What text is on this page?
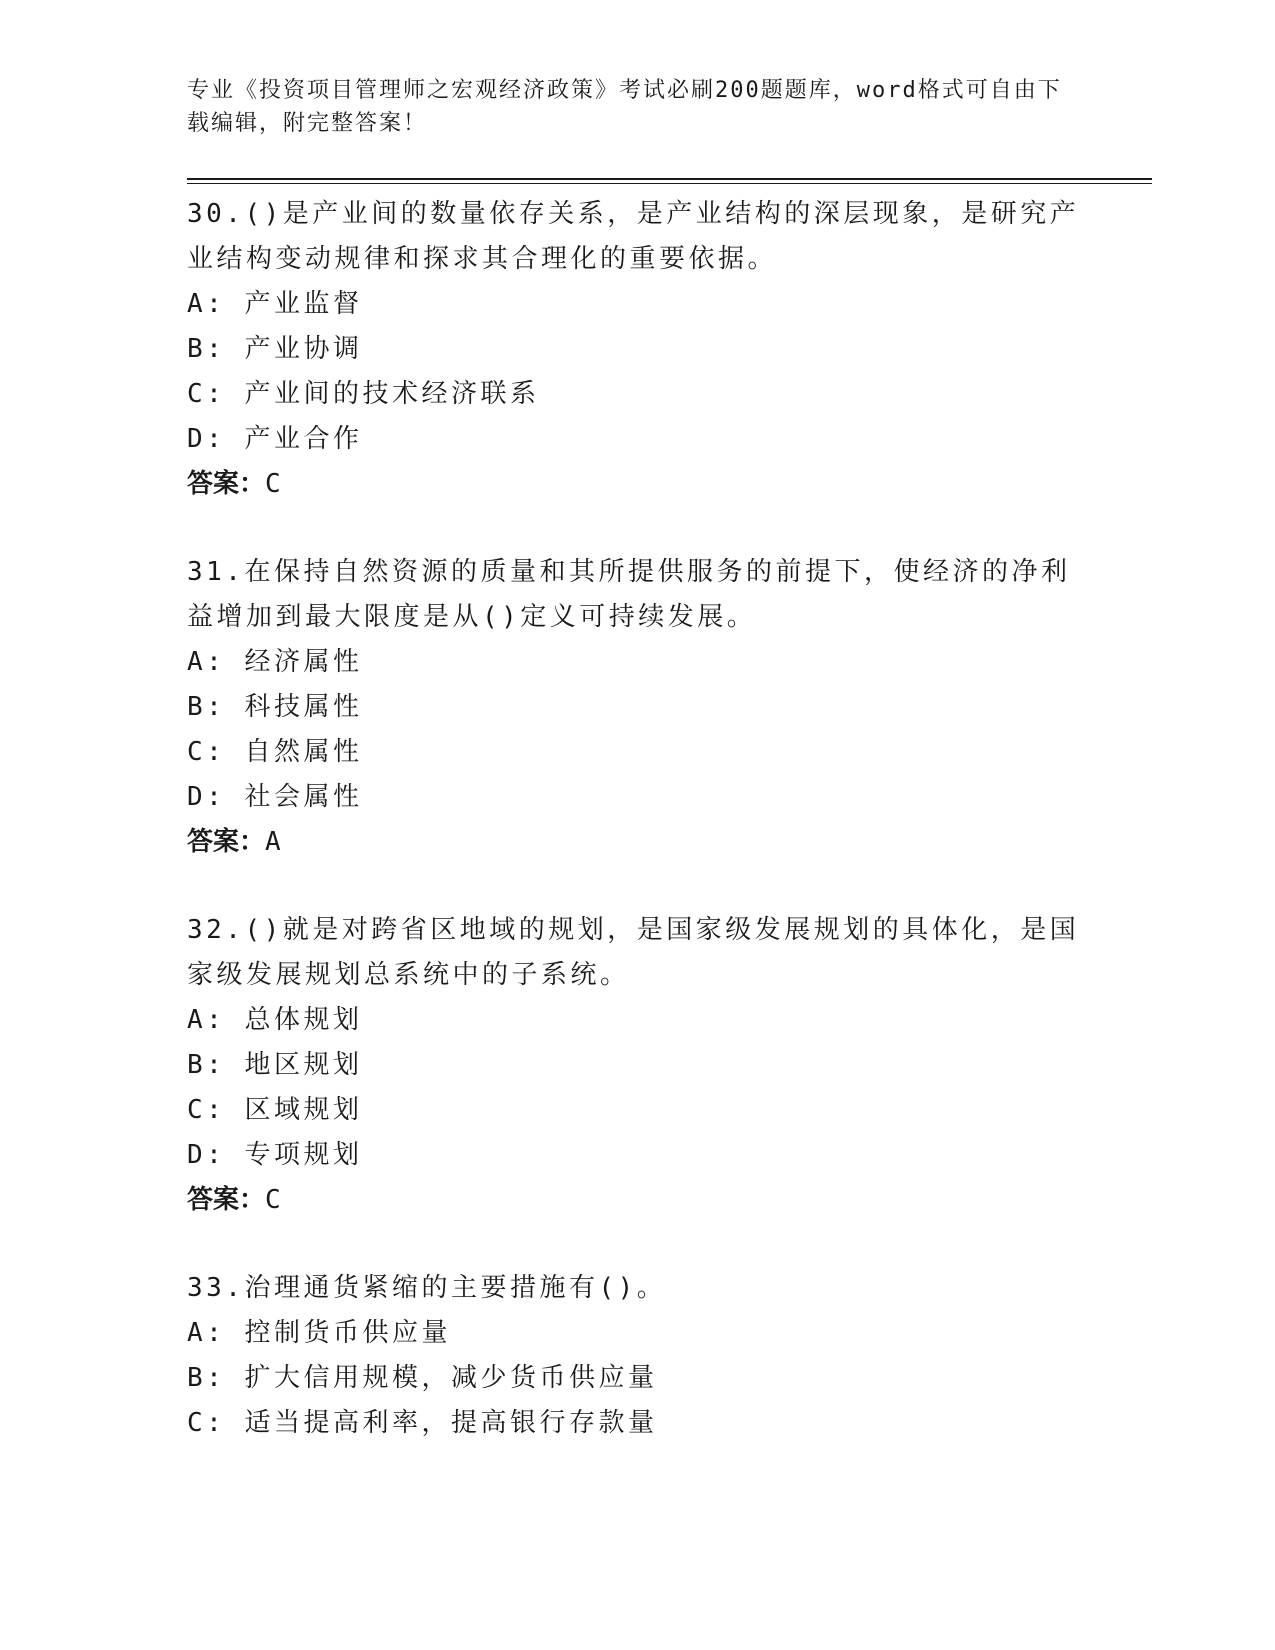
专业《投资项目管理师之宏观经济政策》考试必刷200题题库，word格式可自由下载编辑，附完整答案！

30.()是产业间的数量依存关系，是产业结构的深层现象，是研究产业结构变动规律和探求其合理化的重要依据。

A: 产业监督

B: 产业协调

C: 产业间的技术经济联系

D: 产业合作

答案：C

31.在保持自然资源的质量和其所提供服务的前提下，使经济的净利益增加到最大限度是从()定义可持续发展。

A: 经济属性

B: 科技属性

C: 自然属性

D: 社会属性

答案：A

32.()就是对跨省区地域的规划，是国家级发展规划的具体化，是国家级发展规划总系统中的子系统。

A: 总体规划

B: 地区规划

C: 区域规划

D: 专项规划

答案：C

33.治理通货紧缩的主要措施有()。

A: 控制货币供应量

B: 扩大信用规模，减少货币供应量

C: 适当提高利率，提高银行存款量
